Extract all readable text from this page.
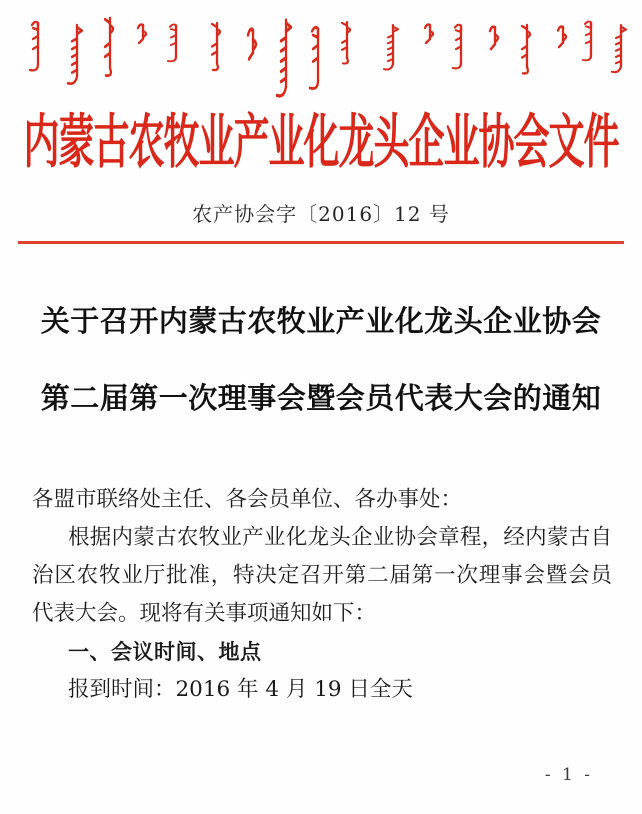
内蒙古农牧业产业化龙头企业协会文件
农产协会字〔2016〕12 号
关于召开内蒙古农牧业产业化龙头企业协会
第二届第一次理事会暨会员代表大会的通知

各盟市联络处主任、各会员单位、各办事处：

根据内蒙古农牧业产业化龙头企业协会章程，经内蒙古自治区农牧业厅批准，特决定召开第二届第一次理事会暨会员代表大会。现将有关事项通知如下：

一、会议时间、地点

报到时间：2016 年 4 月 19 日全天

- 1 -
